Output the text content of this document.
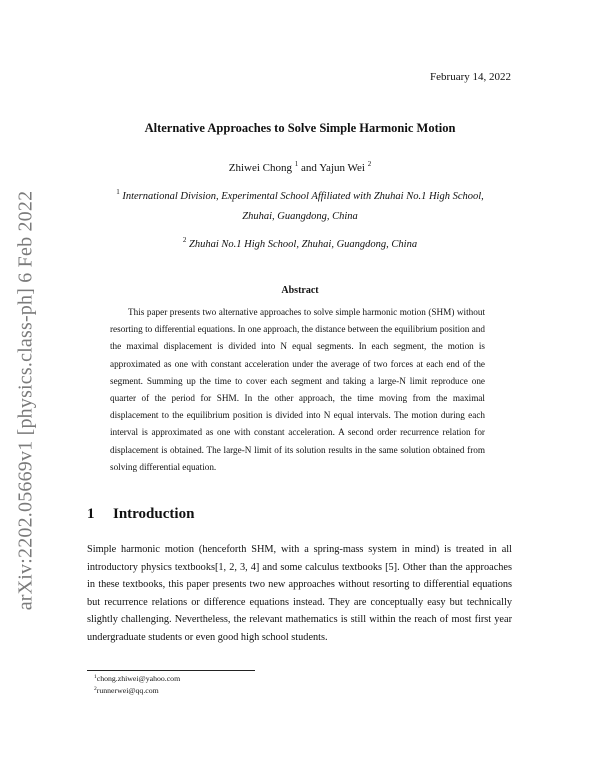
arXiv:2202.05669v1 [physics.class-ph] 6 Feb 2022
February 14, 2022
Alternative Approaches to Solve Simple Harmonic Motion
Zhiwei Chong $^1$ and Yajun Wei $^2$
$^1$ International Division, Experimental School Affiliated with Zhuhai No.1 High School, Zhuhai, Guangdong, China
$^2$ Zhuhai No.1 High School, Zhuhai, Guangdong, China
Abstract

This paper presents two alternative approaches to solve simple harmonic motion (SHM) without resorting to differential equations. In one approach, the distance between the equilibrium position and the maximal displacement is divided into N equal segments. In each segment, the motion is approximated as one with constant acceleration under the average of two forces at each end of the segment. Summing up the time to cover each segment and taking a large-N limit reproduce one quarter of the period for SHM. In the other approach, the time moving from the maximal displacement to the equilibrium position is divided into N equal intervals. The motion during each interval is approximated as one with constant acceleration. A second order recurrence relation for displacement is obtained. The large-N limit of its solution results in the same solution obtained from solving differential equation.

1 Introduction

Simple harmonic motion (henceforth SHM, with a spring-mass system in mind) is treated in all introductory physics textbooks[1, 2, 3, 4] and some calculus textbooks [5]. Other than the approaches in these textbooks, this paper presents two new approaches without resorting to differential equations but recurrence relations or difference equations instead. They are conceptually easy but technically slightly challenging. Nevertheless, the relevant mathematics is still within the reach of most first year undergraduate students or even good high school students.

$^1$chong.zhiwei@yahoo.com
$^2$runnerwei@qq.com
